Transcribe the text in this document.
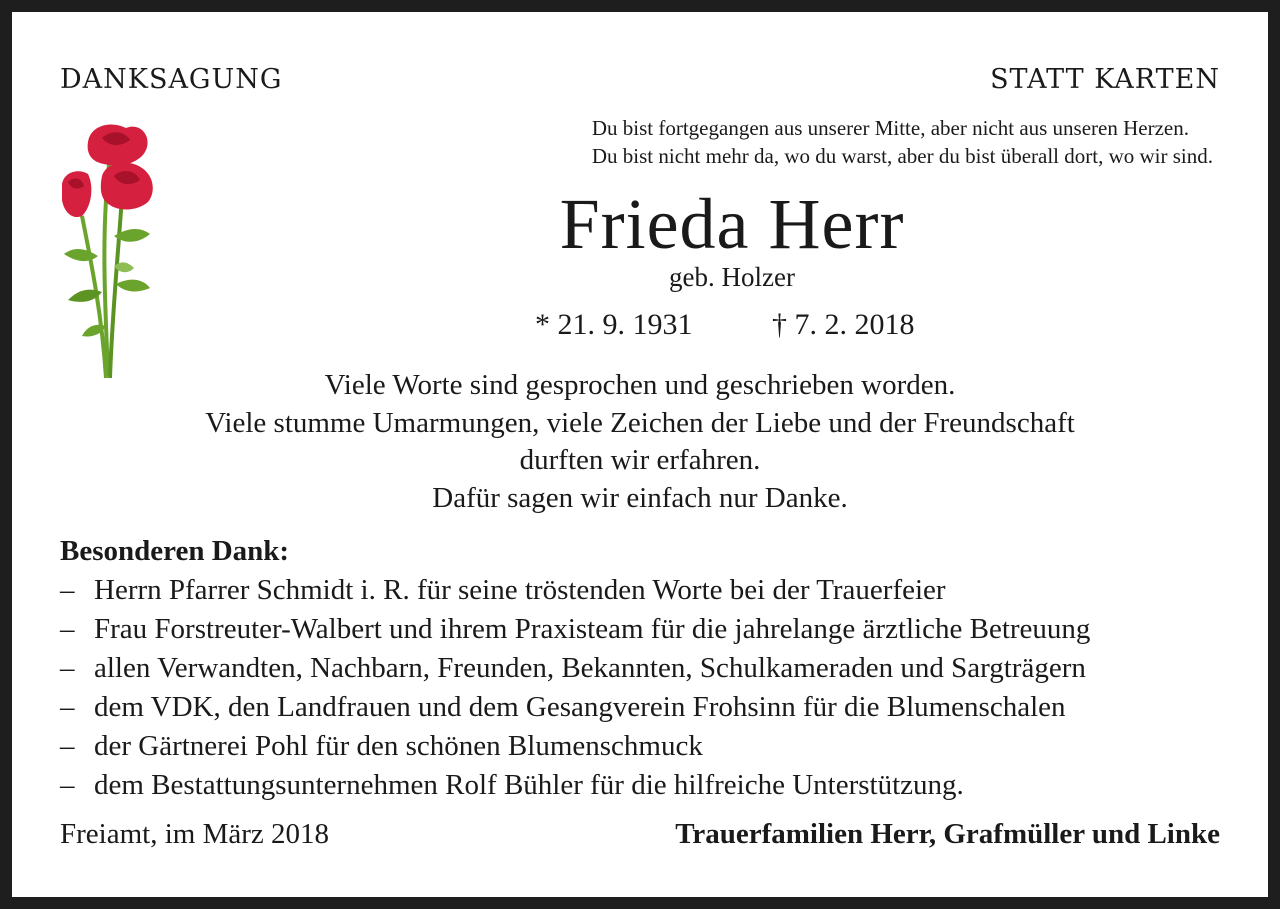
DANKSAGUNG	STATT KARTEN
Du bist fortgegangen aus unserer Mitte, aber nicht aus unseren Herzen.
Du bist nicht mehr da, wo du warst, aber du bist überall dort, wo wir sind.
Frieda Herr
geb. Holzer
* 21. 9. 1931	† 7. 2. 2018
Viele Worte sind gesprochen und geschrieben worden.
Viele stumme Umarmungen, viele Zeichen der Liebe und der Freundschaft
durften wir erfahren.
Dafür sagen wir einfach nur Danke.
Besonderen Dank:
– Herrn Pfarrer Schmidt i. R. für seine tröstenden Worte bei der Trauerfeier
– Frau Forstreuter-Walbert und ihrem Praxisteam für die jahrelange ärztliche Betreuung
– allen Verwandten, Nachbarn, Freunden, Bekannten, Schulkameraden und Sargträgern
– dem VDK, den Landfrauen und dem Gesangverein Frohsinn für die Blumenschalen
– der Gärtnerei Pohl für den schönen Blumenschmuck
– dem Bestattungsunternehmen Rolf Bühler für die hilfreiche Unterstützung.
Freiamt, im März 2018	Trauerfamilien Herr, Grafmüller und Linke
